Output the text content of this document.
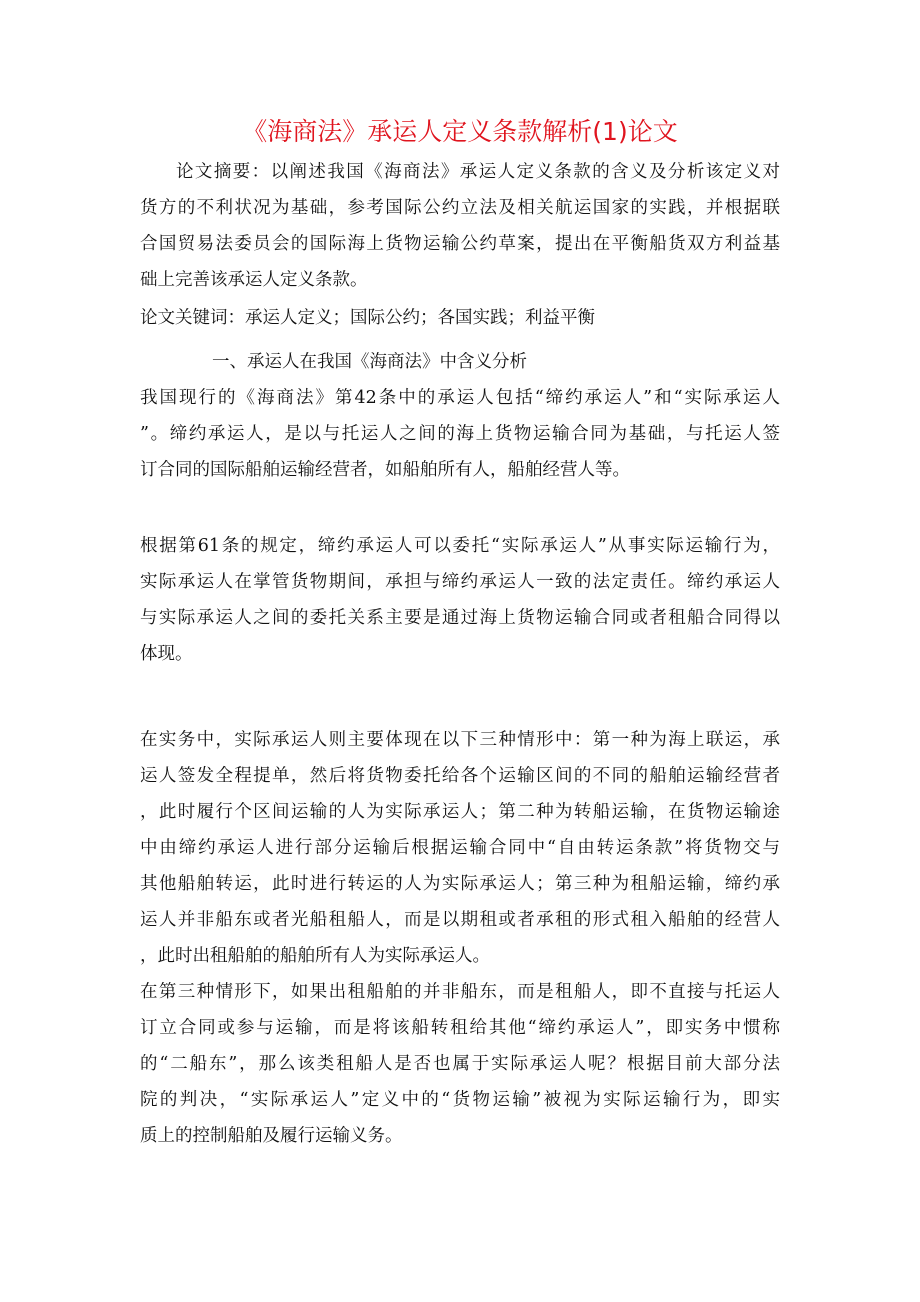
《海商法》承运人定义条款解析(1)论文
论文摘要：以阐述我国《海商法》承运人定义条款的含义及分析该定义对
货方的不利状况为基础，参考国际公约立法及相关航运国家的实践，并根据联
合国贸易法委员会的国际海上货物运输公约草案，提出在平衡船货双方利益基
础上完善该承运人定义条款。
论文关键词：承运人定义；国际公约；各国实践；利益平衡
一、承运人在我国《海商法》中含义分析
我国现行的《海商法》第42条中的承运人包括“缔约承运人”和“实际承运人
”。缔约承运人，是以与托运人之间的海上货物运输合同为基础，与托运人签
订合同的国际船舶运输经营者，如船舶所有人，船舶经营人等。
根据第61条的规定，缔约承运人可以委托“实际承运人”从事实际运输行为，
实际承运人在掌管货物期间，承担与缔约承运人一致的法定责任。缔约承运人
与实际承运人之间的委托关系主要是通过海上货物运输合同或者租船合同得以
体现。
在实务中，实际承运人则主要体现在以下三种情形中：第一种为海上联运，承
运人签发全程提单，然后将货物委托给各个运输区间的不同的船舶运输经营者
，此时履行个区间运输的人为实际承运人；第二种为转船运输，在货物运输途
中由缔约承运人进行部分运输后根据运输合同中“自由转运条款”将货物交与
其他船舶转运，此时进行转运的人为实际承运人；第三种为租船运输，缔约承
运人并非船东或者光船租船人，而是以期租或者承租的形式租入船舶的经营人
，此时出租船舶的船舶所有人为实际承运人。
在第三种情形下，如果出租船舶的并非船东，而是租船人，即不直接与托运人
订立合同或参与运输，而是将该船转租给其他“缔约承运人”，即实务中惯称
的“二船东”，那么该类租船人是否也属于实际承运人呢？根据目前大部分法
院的判决，“实际承运人”定义中的“货物运输”被视为实际运输行为，即实
质上的控制船舶及履行运输义务。
